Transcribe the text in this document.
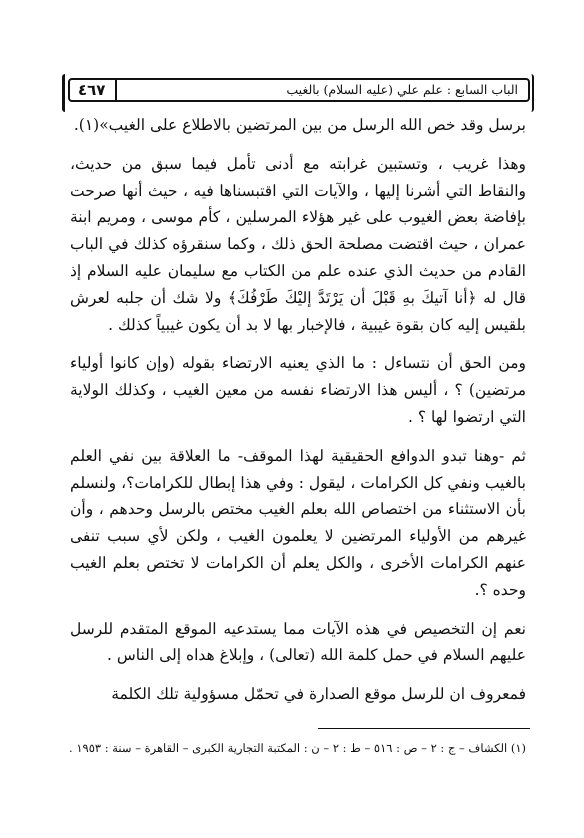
الباب السابع : علم علي (عليه السلام) بالغيب
٤٦٧

برسل وقد خص الله الرسل من بين المرتضين بالاطلاع على الغيب»(١).

وهذا غريب ، وتستبين غرابته مع أدنى تأمل فيما سبق من حديث، والنقاط التي أشرنا إليها ، والآيات التي اقتبسناها فيه ، حيث أنها صرحت بإفاضة بعض الغيوب على غير هؤلاء المرسلين ، كأم موسى ، ومريم ابنة عمران ، حيث اقتضت مصلحة الحق ذلك ، وكما سنقرؤه كذلك في الباب القادم من حديث الذي عنده علم من الكتاب مع سليمان عليه السلام إذ قال له ﴿أنا آتيكَ بهِ قَبْلَ أن يَرْتَدَّ إليْكَ طَرْفُكَ﴾ ولا شك أن جلبه لعرش بلقيس إليه كان بقوة غيبية ، فالإخبار بها لا بد أن يكون غيبياً كذلك .

ومن الحق أن نتساءل : ما الذي يعنيه الارتضاء بقوله (وإن كانوا أولياء مرتضين) ؟ ، أليس هذا الارتضاء نفسه من معين الغيب ، وكذلك الولاية التي ارتضوا لها ؟ .

ثم -وهنا تبدو الدوافع الحقيقية لهذا الموقف- ما العلاقة بين نفي العلم بالغيب ونفي كل الكرامات ، ليقول : وفي هذا إبطال للكرامات؟، ولنسلم بأن الاستثناء من اختصاص الله بعلم الغيب مختص بالرسل وحدهم ، وأن غيرهم من الأولياء المرتضين لا يعلمون الغيب ، ولكن لأي سبب تنفى عنهم الكرامات الأخرى ، والكل يعلم أن الكرامات لا تختص بعلم الغيب وحده ؟.

نعم إن التخصيص في هذه الآيات مما يستدعيه الموقع المتقدم للرسل عليهم السلام في حمل كلمة الله (تعالى) ، وإبلاغ هداه إلى الناس .

فمعروف ان للرسل موقع الصدارة في تحمّل مسؤولية تلك الكلمة

(١) الكشاف – ج : ٢ – ص : ٥١٦ – ط : ٢ – ن : المكتبة التجارية الكبرى – القاهرة – سنة : ١٩٥٣ .
